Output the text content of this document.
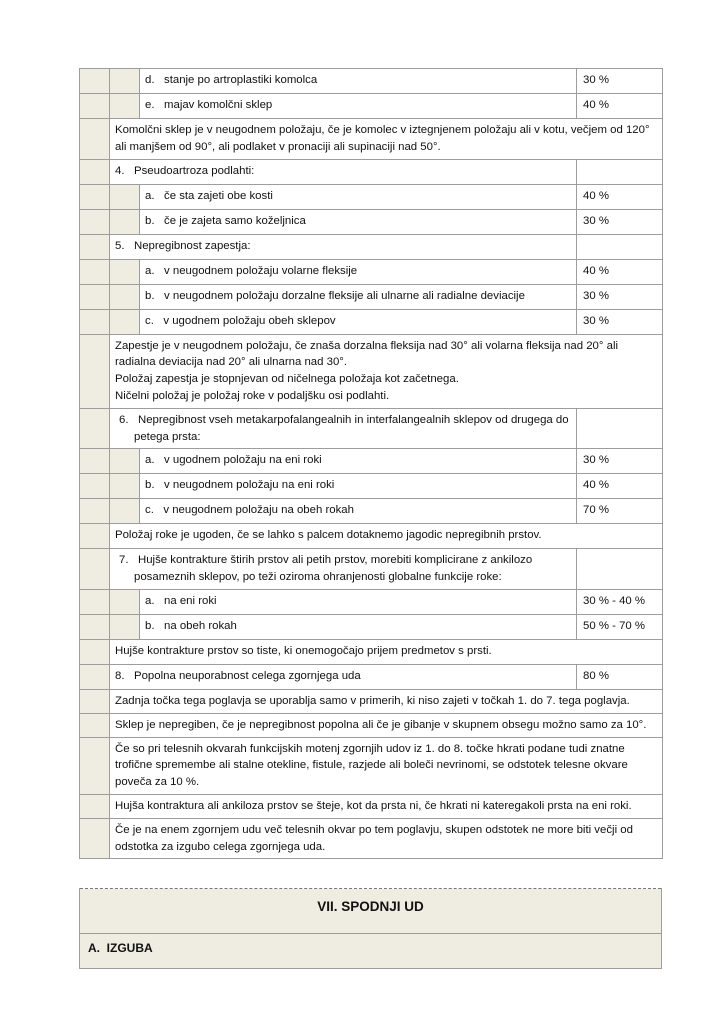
		d.   stanje po artroplastiki komolca	30 %
		e.   majav komolčni sklep	40 %
	Komolčni sklep je v neugodnem položaju, če je komolec v iztegnjenem položaju ali v kotu, večjem od 120° ali manjšem od 90°, ali podlaket v pronaciji ali supinaciji nad 50°.		
	4.   Pseudoartroza podlahti:		
		a.   če sta zajeti obe kosti	40 %
		b.   če je zajeta samo koželjnica	30 %
	5.   Nepregibnost zapestja:		
		a.   v neugodnem položaju volarne fleksije	40 %
		b.   v neugodnem položaju dorzalne fleksije ali ulnarne ali radialne deviacije	30 %
		c.   v ugodnem položaju obeh sklepov	30 %

	Zapestje je v neugodnem položaju, če znaša dorzalna fleksija nad 30° ali volarna fleksija nad 20° ali radialna deviacija nad 20° ali ulnarna nad 30°.
Položaj zapestja je stopnjevan od ničelnega položaja kot začetnega.
Ničelni položaj je položaj roke v podaljšku osi podlahti.		

	6.   Nepregibnost vseh metakarpofalangealnih in interfalangealnih sklepov od drugega do petega prsta:		

		a.   v ugodnem položaju na eni roki	30 %
		b.   v neugodnem položaju na eni roki	40 %
		c.   v neugodnem položaju na obeh rokah	70 %
	Položaj roke je ugoden, če se lahko s palcem dotaknemo jagodic nepregibnih prstov.		

	7.   Hujše kontrakture štirih prstov ali petih prstov, morebiti komplicirane z ankilozo posameznih sklepov, po teži oziroma ohranjenosti globalne funkcije roke:		

		a.   na eni roki	30 % - 40 %
		b.   na obeh rokah	50 % - 70 %
	Hujše kontrakture prstov so tiste, ki onemogočajo prijem predmetov s prsti.		
	8.   Popolna neuporabnost celega zgornjega uda		80 %
	Zadnja točka tega poglavja se uporablja samo v primerih, ki niso zajeti v točkah 1. do 7. tega poglavja.		
	Sklep je nepregiben, če je nepregibnost popolna ali če je gibanje v skupnem obsegu možno samo za 10°.		
	Če so pri telesnih okvarah funkcijskih motenj zgornjih udov iz 1. do 8. točke hkrati podane tudi znatne trofične spremembe ali stalne otekline, fistule, razjede ali boleči nevrinomi, se odstotek telesne okvare poveča za 10 %.		
	Hujša kontraktura ali ankiloza prstov se šteje, kot da prsta ni, če hkrati ni kateregakoli prsta na eni roki.		
	Če je na enem zgornjem udu več telesnih okvar po tem poglavju, skupen odstotek ne more biti večji od odstotka za izgubo celega zgornjega uda.		
VII. SPODNJI UD
A.  IZGUBA
